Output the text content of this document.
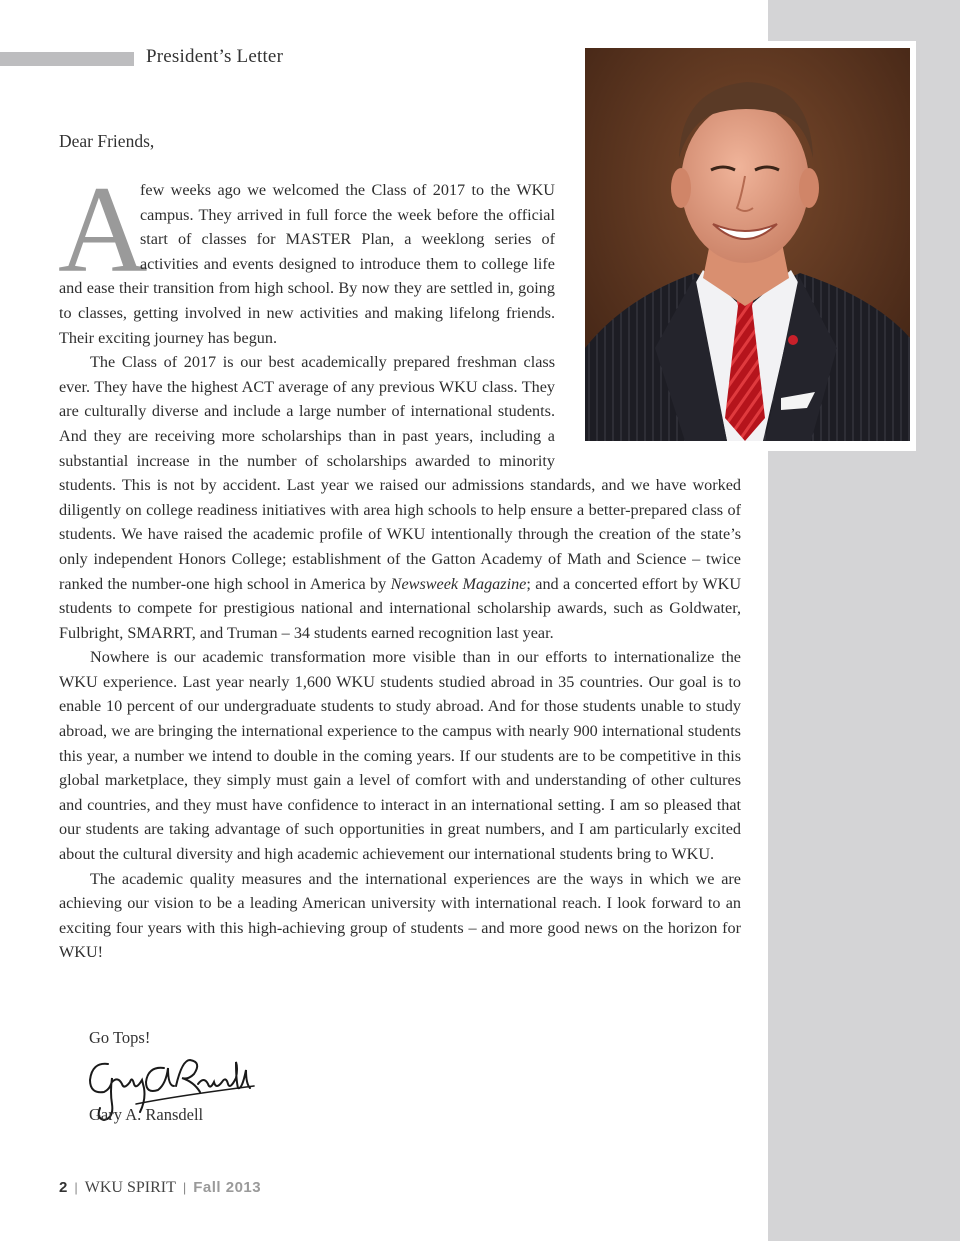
President’s Letter
Dear Friends,
A

few weeks ago we welcomed the Class of 2017 to the WKU campus. They arrived in full force the week before the official start of classes for MASTER Plan, a weeklong series of activities and events designed to introduce them to college life and ease their transition from high school. By now they are settled in, going to classes, getting involved in new activities and making lifelong friends. Their exciting journey has begun.

The Class of 2017 is our best academically prepared freshman class ever. They have the highest ACT average of any previous WKU class. They are culturally diverse and include a large number of international students. And they are receiving more scholarships than in past years, including a substantial increase in the number of scholarships awarded to minority students. This is not by accident. Last year we raised our admissions standards, and we have worked diligently on college readiness initiatives with area high schools to help ensure a better-prepared class of students. We have raised the academic profile of WKU intentionally through the creation of the state’s only independent Honors College; establishment of the Gatton Academy of Math and Science – twice ranked the number-one high school in America by Newsweek Magazine; and a concerted effort by WKU students to compete for prestigious national and international scholarship awards, such as Goldwater, Fulbright, SMARRT, and Truman – 34 students earned recognition last year.

Nowhere is our academic transformation more visible than in our efforts to internationalize the WKU experience. Last year nearly 1,600 WKU students studied abroad in 35 countries. Our goal is to enable 10 percent of our undergraduate students to study abroad. And for those students unable to study abroad, we are bringing the international experience to the campus with nearly 900 international students this year, a number we intend to double in the coming years. If our students are to be competitive in this global marketplace, they simply must gain a level of comfort with and understanding of other cultures and countries, and they must have confidence to interact in an international setting. I am so pleased that our students are taking advantage of such opportunities in great numbers, and I am particularly excited about the cultural diversity and high academic achievement our international students bring to WKU.

The academic quality measures and the international experiences are the ways in which we are achieving our vision to be a leading American university with international reach. I look forward to an exciting four years with this high-achieving group of students – and more good news on the horizon for WKU!

Go Tops!
Gary A. Ransdell
2 | WKU SPIRIT | Fall 2013
